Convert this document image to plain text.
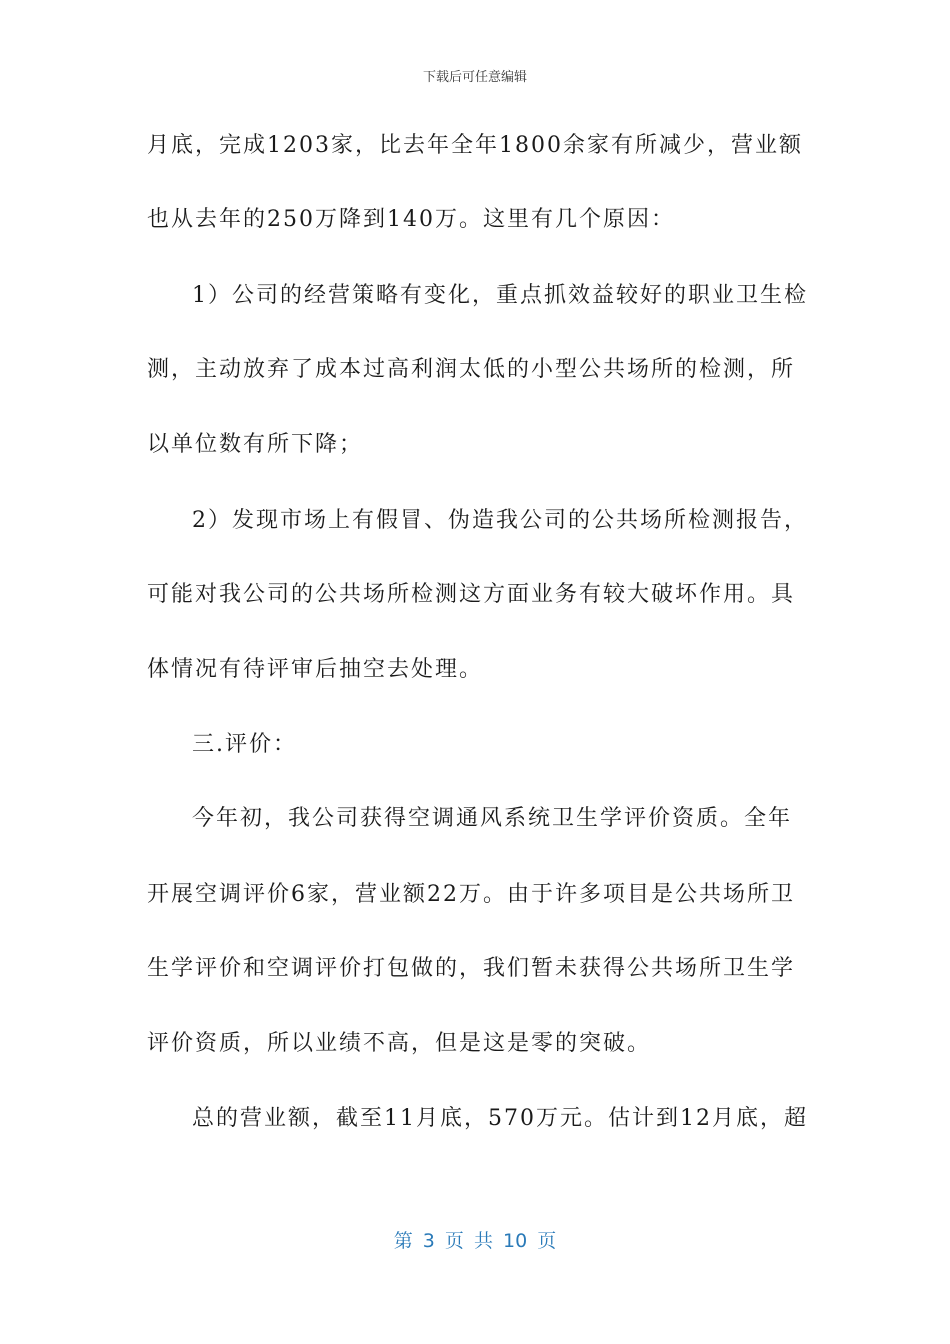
下载后可任意编辑
月底，完成1203家，比去年全年1800余家有所减少，营业额
也从去年的250万降到140万。这里有几个原因：
1）公司的经营策略有变化，重点抓效益较好的职业卫生检
测，主动放弃了成本过高利润太低的小型公共场所的检测，所
以单位数有所下降；
2）发现市场上有假冒、伪造我公司的公共场所检测报告，
可能对我公司的公共场所检测这方面业务有较大破坏作用。具
体情况有待评审后抽空去处理。
三.评价：
今年初，我公司获得空调通风系统卫生学评价资质。全年
开展空调评价6家，营业额22万。由于许多项目是公共场所卫
生学评价和空调评价打包做的，我们暂未获得公共场所卫生学
评价资质，所以业绩不高，但是这是零的突破。
总的营业额，截至11月底，570万元。估计到12月底，超
第 3 页 共 10 页
